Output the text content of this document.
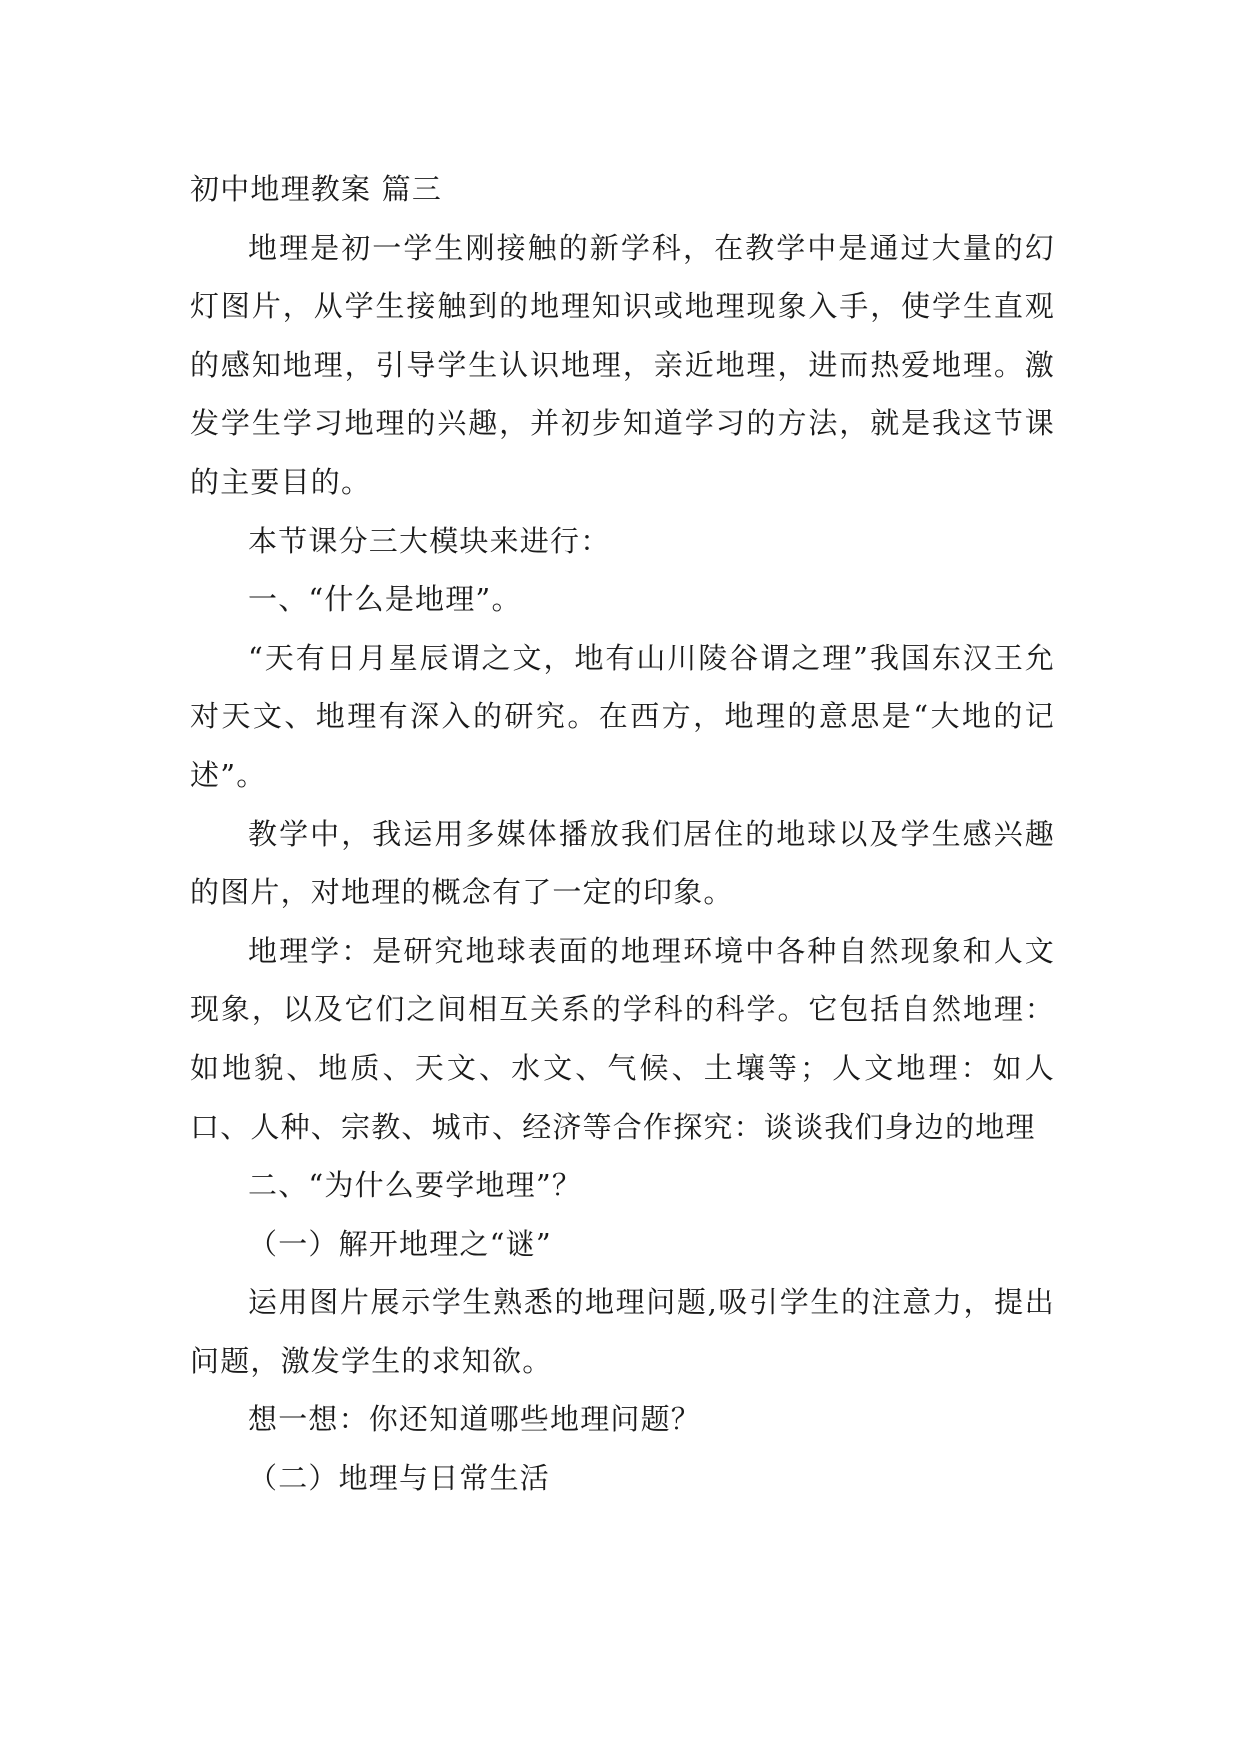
初中地理教案 篇三

地理是初一学生刚接触的新学科，在教学中是通过大量的幻灯图片，从学生接触到的地理知识或地理现象入手，使学生直观的感知地理，引导学生认识地理，亲近地理，进而热爱地理。激发学生学习地理的兴趣，并初步知道学习的方法，就是我这节课的主要目的。

本节课分三大模块来进行：

一、“什么是地理”。

“天有日月星辰谓之文，地有山川陵谷谓之理”我国东汉王允对天文、地理有深入的研究。在西方，地理的意思是“大地的记述”。

教学中，我运用多媒体播放我们居住的地球以及学生感兴趣的图片，对地理的概念有了一定的印象。

地理学：是研究地球表面的地理环境中各种自然现象和人文现象，以及它们之间相互关系的学科的科学。它包括自然地理：如地貌、地质、天文、水文、气候、土壤等；人文地理：如人口、人种、宗教、城市、经济等合作探究：谈谈我们身边的地理

二、“为什么要学地理”？

（一）解开地理之“谜”

运用图片展示学生熟悉的地理问题,吸引学生的注意力，提出问题，激发学生的求知欲。

想一想：你还知道哪些地理问题？

（二）地理与日常生活
